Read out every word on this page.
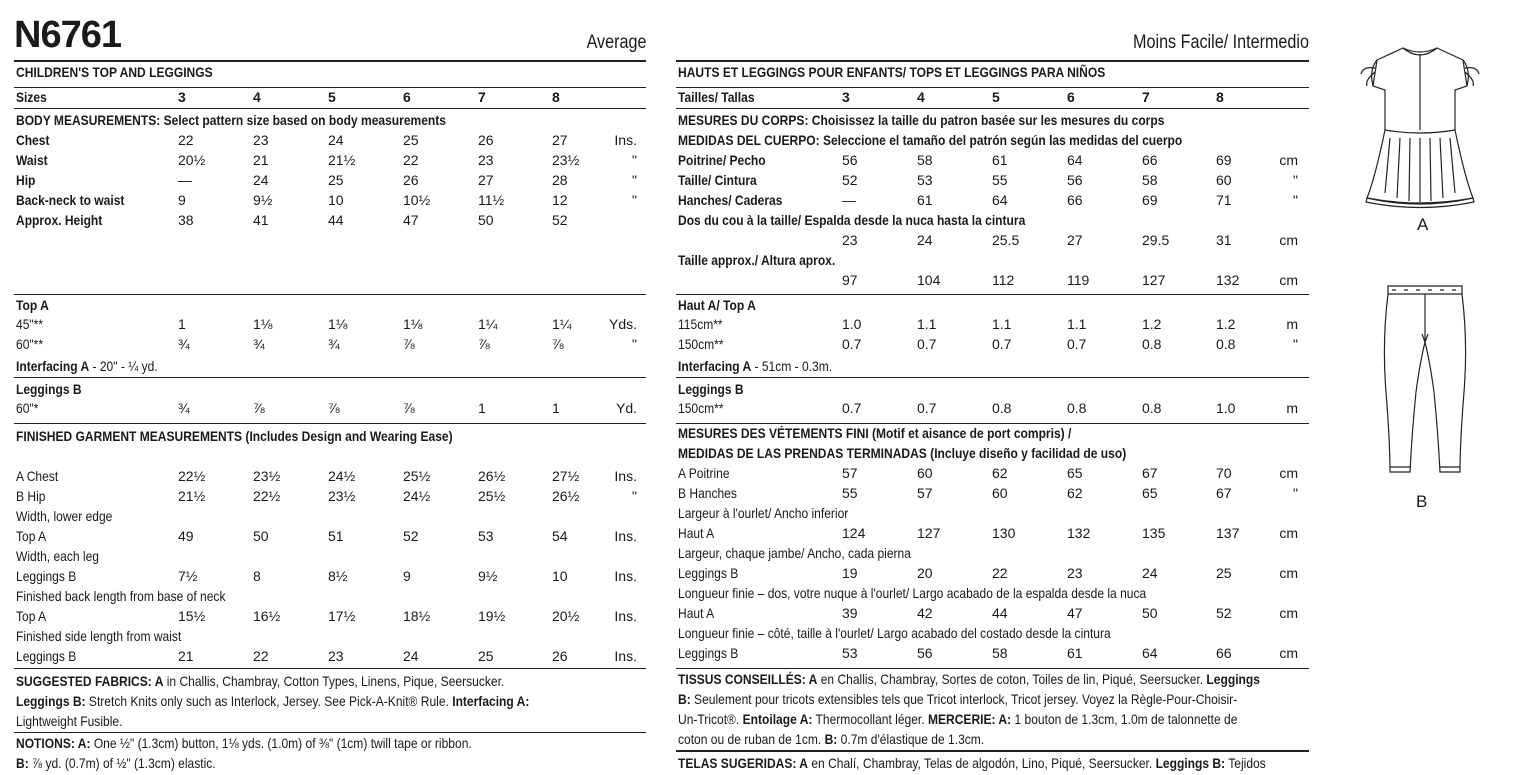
N6761	Average	Moins Facile/ Intermedio
CHILDREN'S TOP AND LEGGINGS
Sizes	3	4	5	6	7	8
BODY MEASUREMENTS: Select pattern size based on body measurements
Chest	22	23	24	25	26	27	Ins.
Waist	20½	21	21½	22	23	23½	"
Hip	—	24	25	26	27	28	"
Back-neck to waist	9	9½	10	10½	11½	12	"
Approx. Height	38	41	44	47	50	52
Top A
45"**	1	1⅛	1⅛	1⅛	1¼	1¼	Yds.
60"**	¾	¾	¾	⅞	⅞	⅞	"
Interfacing A - 20" - ¼ yd.
Leggings B
60"*	¾	⅞	⅞	⅞	1	1	Yd.
FINISHED GARMENT MEASUREMENTS (Includes Design and Wearing Ease)
A Chest	22½	23½	24½	25½	26½	27½	Ins.
B Hip	21½	22½	23½	24½	25½	26½	"
Width, lower edge
Top A	49	50	51	52	53	54	Ins.
Width, each leg
Leggings B	7½	8	8½	9	9½	10	Ins.
Finished back length from base of neck
Top A	15½	16½	17½	18½	19½	20½	Ins.
Finished side length from waist
Leggings B	21	22	23	24	25	26	Ins.
SUGGESTED FABRICS: A in Challis, Chambray, Cotton Types, Linens, Pique, Seersucker.
Leggings B: Stretch Knits only such as Interlock, Jersey. See Pick-A-Knit® Rule. Interfacing A:
Lightweight Fusible.
NOTIONS: A: One ½" (1.3cm) button, 1⅛ yds. (1.0m) of ⅜" (1cm) twill tape or ribbon.
B: ⅞ yd. (0.7m) of ½" (1.3cm) elastic.
HAUTS ET LEGGINGS POUR ENFANTS/ TOPS ET LEGGINGS PARA NIÑOS
Tailles/ Tallas	3	4	5	6	7	8
MESURES DU CORPS: Choisissez la taille du patron basée sur les mesures du corps
MEDIDAS DEL CUERPO: Seleccione el tamaño del patrón según las medidas del cuerpo
Poitrine/ Pecho	56	58	61	64	66	69	cm
Taille/ Cintura	52	53	55	56	58	60	"
Hanches/ Caderas	—	61	64	66	69	71	"
Dos du cou à la taille/ Espalda desde la nuca hasta la cintura
23	24	25.5	27	29.5	31	cm
Taille approx./ Altura aprox.
97	104	112	119	127	132	cm
Haut A/ Top A
115cm**	1.0	1.1	1.1	1.1	1.2	1.2	m
150cm**	0.7	0.7	0.7	0.7	0.8	0.8	"
Interfacing A - 51cm - 0.3m.
Leggings B
150cm**	0.7	0.7	0.8	0.8	0.8	1.0	m
MESURES DES VÉTEMENTS FINI (Motif et aisance de port compris) /
MEDIDAS DE LAS PRENDAS TERMINADAS (Incluye diseño y facilidad de uso)
A Poitrine	57	60	62	65	67	70	cm
B Hanches	55	57	60	62	65	67	"
Largeur à l'ourlet/ Ancho inferior
Haut A	124	127	130	132	135	137	cm
Largeur, chaque jambe/ Ancho, cada pierna
Leggings B	19	20	22	23	24	25	cm
Longueur finie – dos, votre nuque à l'ourlet/ Largo acabado de la espalda desde la nuca
Haut A	39	42	44	47	50	52	cm
Longueur finie – côté, taille à l'ourlet/ Largo acabado del costado desde la cintura
Leggings B	53	56	58	61	64	66	cm
TISSUS CONSEILLÉS: A en Challis, Chambray, Sortes de coton, Toiles de lin, Piqué, Seersucker. Leggings
B: Seulement pour tricots extensibles tels que Tricot interlock, Tricot jersey. Voyez la Règle-Pour-Choisir-
Un-Tricot®. Entoilage A: Thermocollant léger. MERCERIE: A: 1 bouton de 1.3cm, 1.0m de talonnette de
coton ou de ruban de 1cm. B: 0.7m d'élastique de 1.3cm.
TELAS SUGERIDAS: A en Chalí, Chambray, Telas de algodón, Lino, Piqué, Seersucker. Leggings B: Tejidos
A
B
